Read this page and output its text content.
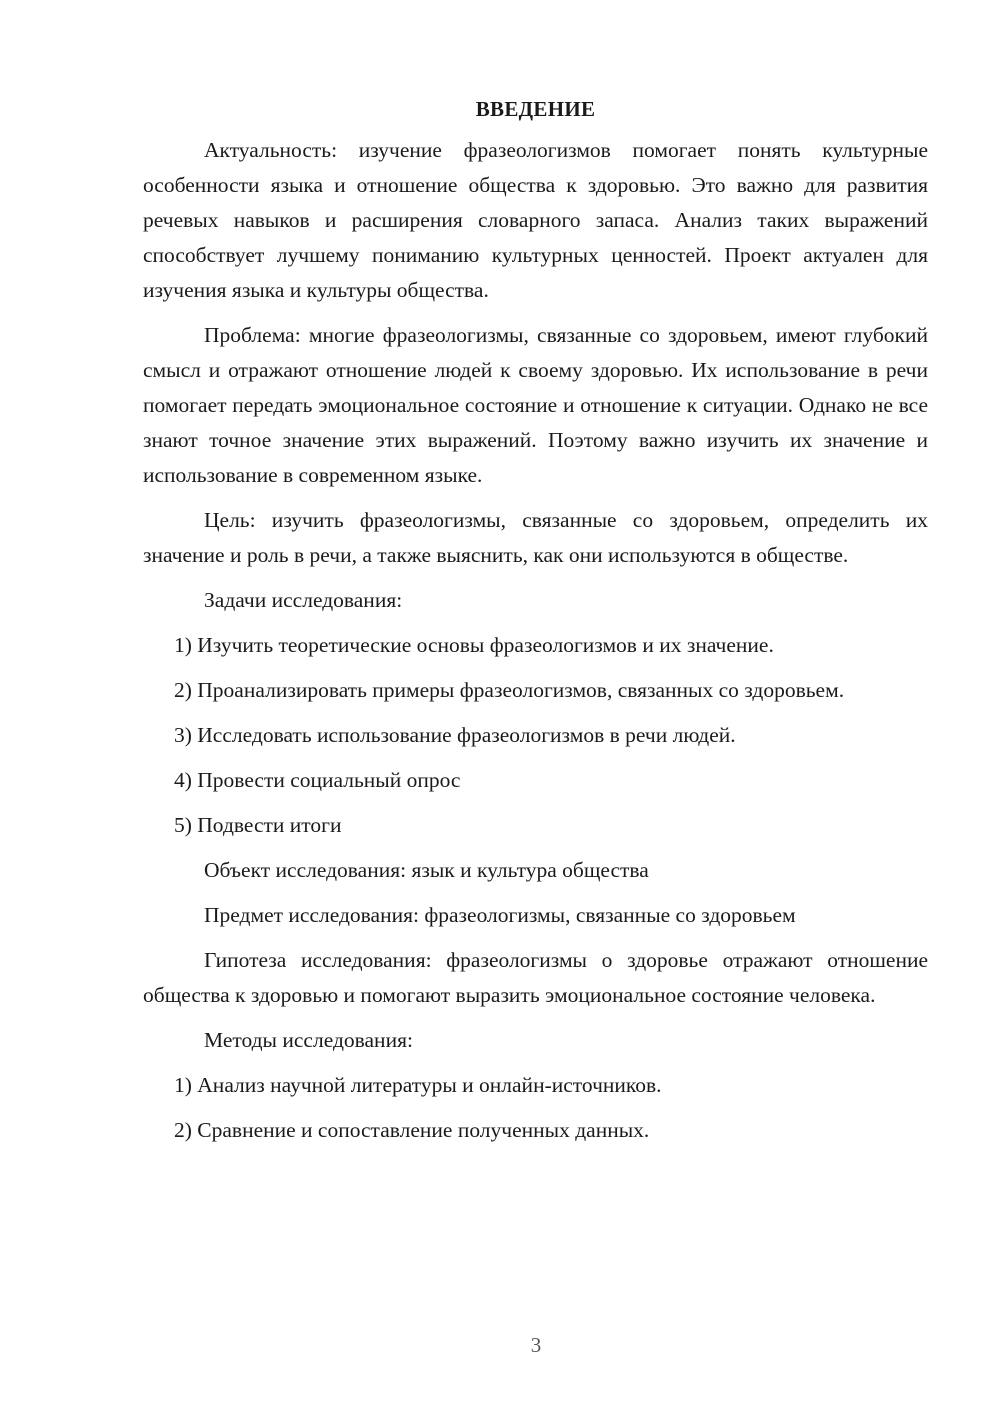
ВВЕДЕНИЕ

Актуальность: изучение фразеологизмов помогает понять культурные особенности языка и отношение общества к здоровью. Это важно для развития речевых навыков и расширения словарного запаса. Анализ таких выражений способствует лучшему пониманию культурных ценностей. Проект актуален для изучения языка и культуры общества.

Проблема: многие фразеологизмы, связанные со здоровьем, имеют глубокий смысл и отражают отношение людей к своему здоровью. Их использование в речи помогает передать эмоциональное состояние и отношение к ситуации. Однако не все знают точное значение этих выражений. Поэтому важно изучить их значение и использование в современном языке.

Цель: изучить фразеологизмы, связанные со здоровьем, определить их значение и роль в речи, а также выяснить, как они используются в обществе.

Задачи исследования:

1) Изучить теоретические основы фразеологизмов и их значение.

2) Проанализировать примеры фразеологизмов, связанных со здоровьем.

3) Исследовать использование фразеологизмов в речи людей.

4) Провести социальный опрос

5) Подвести итоги

Объект исследования: язык и культура общества

Предмет исследования: фразеологизмы, связанные со здоровьем

Гипотеза исследования: фразеологизмы о здоровье отражают отношение общества к здоровью и помогают выразить эмоциональное состояние человека.

Методы исследования:

1) Анализ научной литературы и онлайн-источников.

2) Сравнение и сопоставление полученных данных.

3
